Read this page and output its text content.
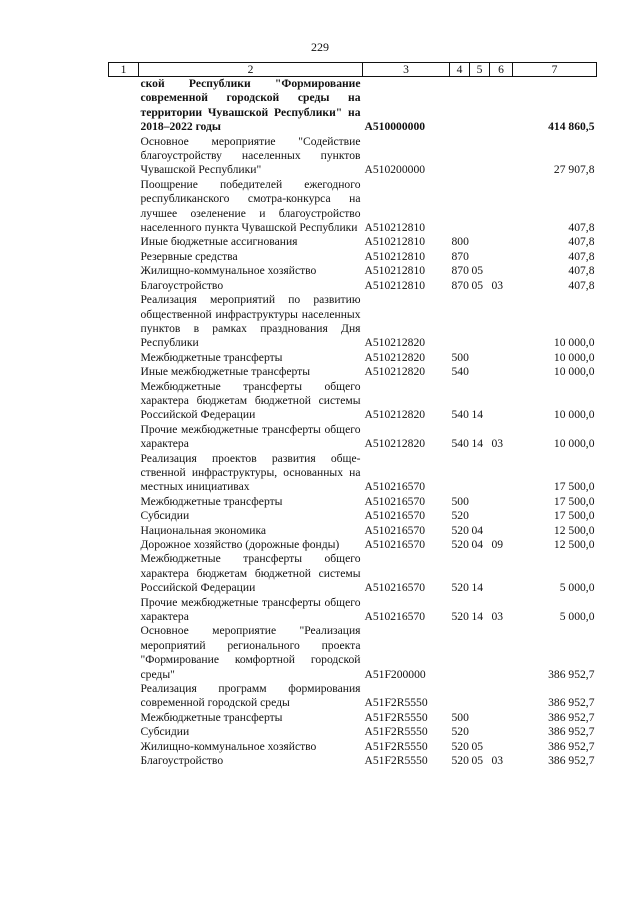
229
1	2	3	4	5	6	7
	ской Республики "Формирование современной городской среды на территории Чувашской Республики" на 2018–2022 годы	A510000000				414 860,5
	Основное мероприятие "Содействие благоустройству населенных пунктов Чувашской Республики"	A510200000				27 907,8
	Поощрение победителей ежегодного республиканского смотра-конкурса на лучшее озеленение и благоустройство населенного пункта Чувашской Республики	A510212810				407,8
	Иные бюджетные ассигнования	A510212810	800			407,8
	Резервные средства	A510212810	870			407,8
	Жилищно-коммунальное хозяйство	A510212810	870	05		407,8
	Благоустройство	A510212810	870	05	03	407,8
	Реализация мероприятий по развитию общественной инфраструктуры населенных пунктов в рамках празднования Дня Республики	A510212820				10 000,0
	Межбюджетные трансферты	A510212820	500			10 000,0
	Иные межбюджетные трансферты	A510212820	540			10 000,0
	Межбюджетные трансферты общего характера бюджетам бюджетной системы Российской Федерации	A510212820	540	14		10 000,0
	Прочие межбюджетные трансферты общего характера	A510212820	540	14	03	10 000,0
	Реализация проектов развития общественной инфраструктуры, основанных на местных инициативах	A510216570				17 500,0
	Межбюджетные трансферты	A510216570	500			17 500,0
	Субсидии	A510216570	520			17 500,0
	Национальная экономика	A510216570	520	04		12 500,0
	Дорожное хозяйство (дорожные фонды)	A510216570	520	04	09	12 500,0
	Межбюджетные трансферты общего характера бюджетам бюджетной системы Российской Федерации	A510216570	520	14		5 000,0
	Прочие межбюджетные трансферты общего характера	A510216570	520	14	03	5 000,0
	Основное мероприятие "Реализация мероприятий регионального проекта "Формирование комфортной городской среды"	A51F200000				386 952,7
	Реализация программ формирования современной городской среды	A51F2R5550				386 952,7
	Межбюджетные трансферты	A51F2R5550	500			386 952,7
	Субсидии	A51F2R5550	520			386 952,7
	Жилищно-коммунальное хозяйство	A51F2R5550	520	05		386 952,7
	Благоустройство	A51F2R5550	520	05	03	386 952,7
